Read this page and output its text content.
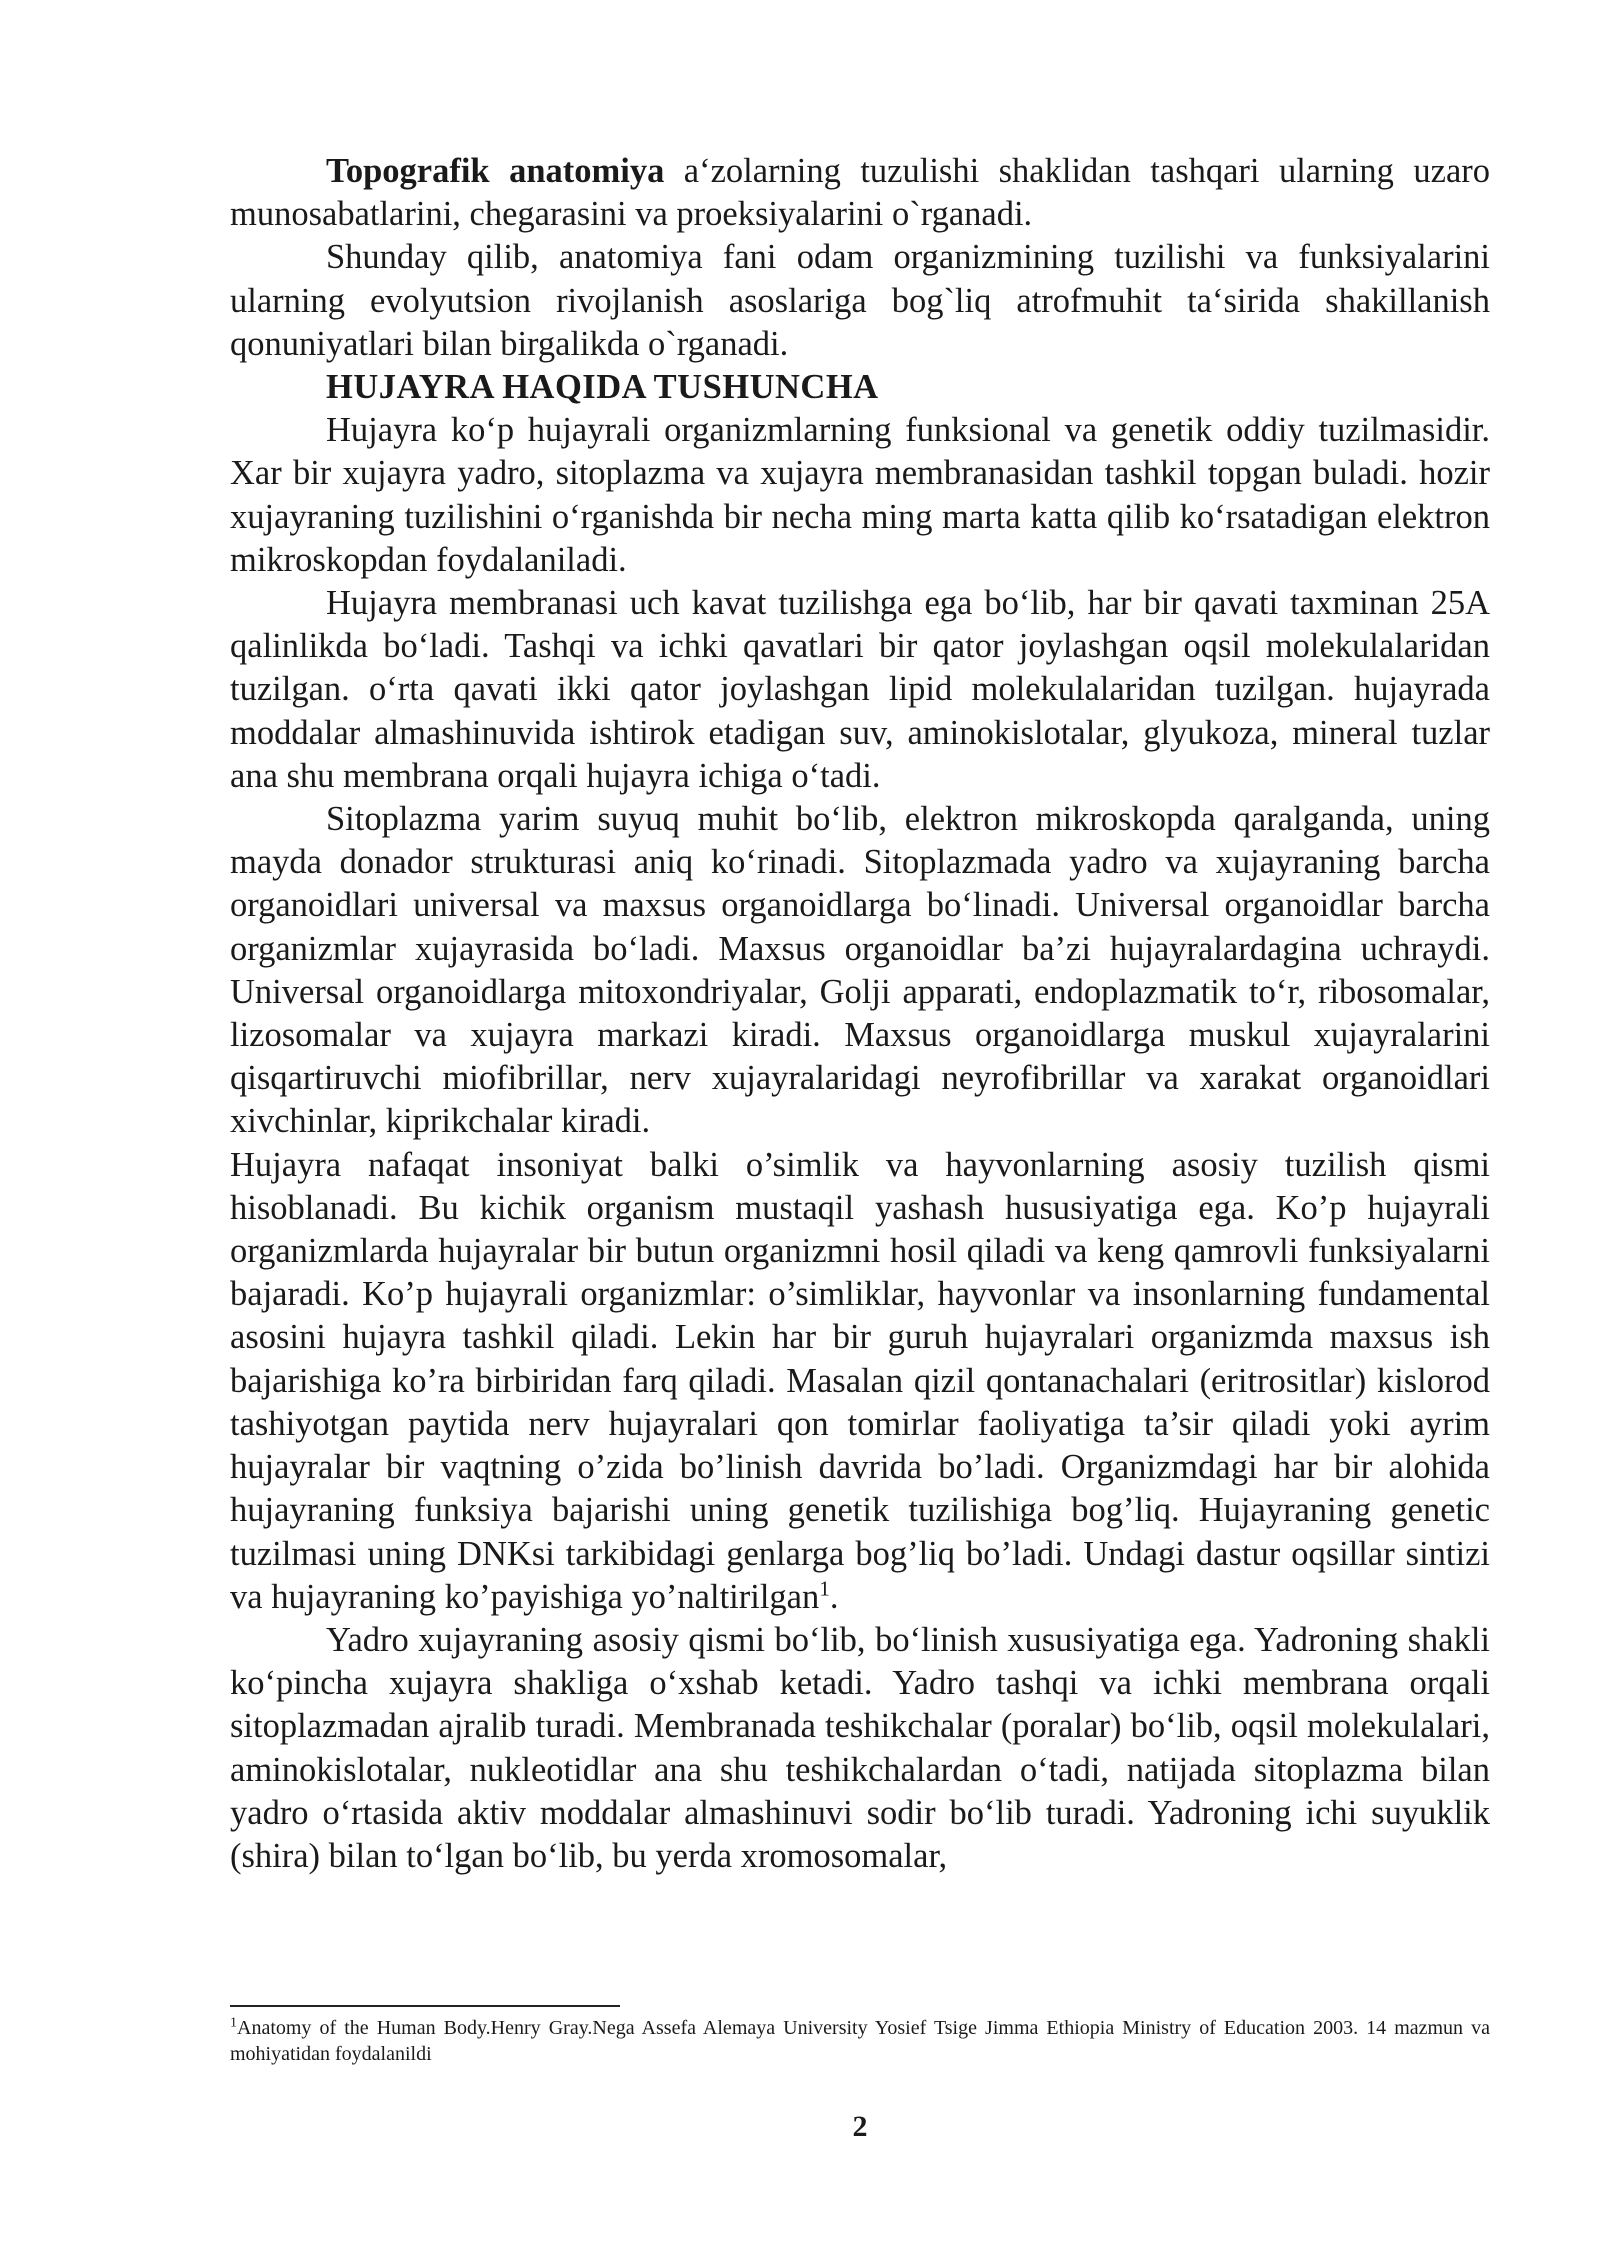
Topografik anatomiya a‘zolarning tuzulishi shaklidan tashqari ularning uzaro munosabatlarini, chegarasini va proeksiyalarini o`rganadi.

Shunday qilib, anatomiya fani odam organizmining tuzilishi va funksiyalarini ularning evolyutsion rivojlanish asoslariga bog`liq atrofmuhit ta‘sirida shakillanish qonuniyatlari bilan birgalikda o`rganadi.

HUJAYRA HAQIDA TUSHUNCHA

Hujayra ko‘p hujayrali organizmlarning funksional va genetik oddiy tuzilmasidir. Xar bir xujayra yadro, sitoplazma va xujayra membranasidan tashkil topgan buladi. hozir xujayraning tuzilishini o‘rganishda bir necha ming marta katta qilib ko‘rsatadigan elektron mikroskopdan foydalaniladi.

Hujayra membranasi uch kavat tuzilishga ega bo‘lib, har bir qavati taxminan 25A qalinlikda bo‘ladi. Tashqi va ichki qavatlari bir qator joylashgan oqsil molekulalaridan tuzilgan. o‘rta qavati ikki qator joylashgan lipid molekulalaridan tuzilgan. hujayrada moddalar almashinuvida ishtirok etadigan suv, aminokislotalar, glyukoza, mineral tuzlar ana shu membrana orqali hujayra ichiga o‘tadi.

Sitoplazma yarim suyuq muhit bo‘lib, elektron mikroskopda qaralganda, uning mayda donador strukturasi aniq ko‘rinadi. Sitoplazmada yadro va xujayraning barcha organoidlari universal va maxsus organoidlarga bo‘linadi. Universal organoidlar barcha organizmlar xujayrasida bo‘ladi. Maxsus organoidlar ba’zi hujayralardagina uchraydi. Universal organoidlarga mitoxondriyalar, Golji apparati, endoplazmatik to‘r, ribosomalar, lizosomalar va xujayra markazi kiradi. Maxsus organoidlarga muskul xujayralarini qisqartiruvchi miofibrillar, nerv xujayralaridagi neyrofibrillar va xarakat organoidlari xivchinlar, kiprikchalar kiradi.

Hujayra nafaqat insoniyat balki o’simlik va hayvonlarning asosiy tuzilish qismi hisoblanadi. Bu kichik organism mustaqil yashash hususiyatiga ega. Ko’p hujayrali organizmlarda hujayralar bir butun organizmni hosil qiladi va keng qamrovli funksiyalarni bajaradi. Ko’p hujayrali organizmlar: o’simliklar, hayvonlar va insonlarning fundamental asosini hujayra tashkil qiladi. Lekin har bir guruh hujayralari organizmda maxsus ish bajarishiga ko’ra birbiridan farq qiladi. Masalan qizil qontanachalari (eritrositlar) kislorod tashiyotgan paytida nerv hujayralari qon tomirlar faoliyatiga ta’sir qiladi yoki ayrim hujayralar bir vaqtning o’zida bo’linish davrida bo’ladi. Organizmdagi har bir alohida hujayraning funksiya bajarishi uning genetik tuzilishiga bog’liq. Hujayraning genetic tuzilmasi uning DNKsi tarkibidagi genlarga bog’liq bo’ladi. Undagi dastur oqsillar sintizi va hujayraning ko’payishiga yo’naltirilgan$^1$.

Yadro xujayraning asosiy qismi bo‘lib, bo‘linish xususiyatiga ega. Yadroning shakli ko‘pincha xujayra shakliga o‘xshab ketadi. Yadro tashqi va ichki membrana orqali sitoplazmadan ajralib turadi. Membranada teshikchalar (poralar) bo‘lib, oqsil molekulalari, aminokislotalar, nukleotidlar ana shu teshikchalardan o‘tadi, natijada sitoplazma bilan yadro o‘rtasida aktiv moddalar almashinuvi sodir bo‘lib turadi. Yadroning ichi suyuklik (shira) bilan to‘lgan bo‘lib, bu yerda xromosomalar,

$^1$Anatomy of the Human Body.Henry Gray.Nega Assefa Alemaya University Yosief Tsige Jimma Ethiopia Ministry of Education 2003. 14 mazmun va mohiyatidan foydalanildi
2
